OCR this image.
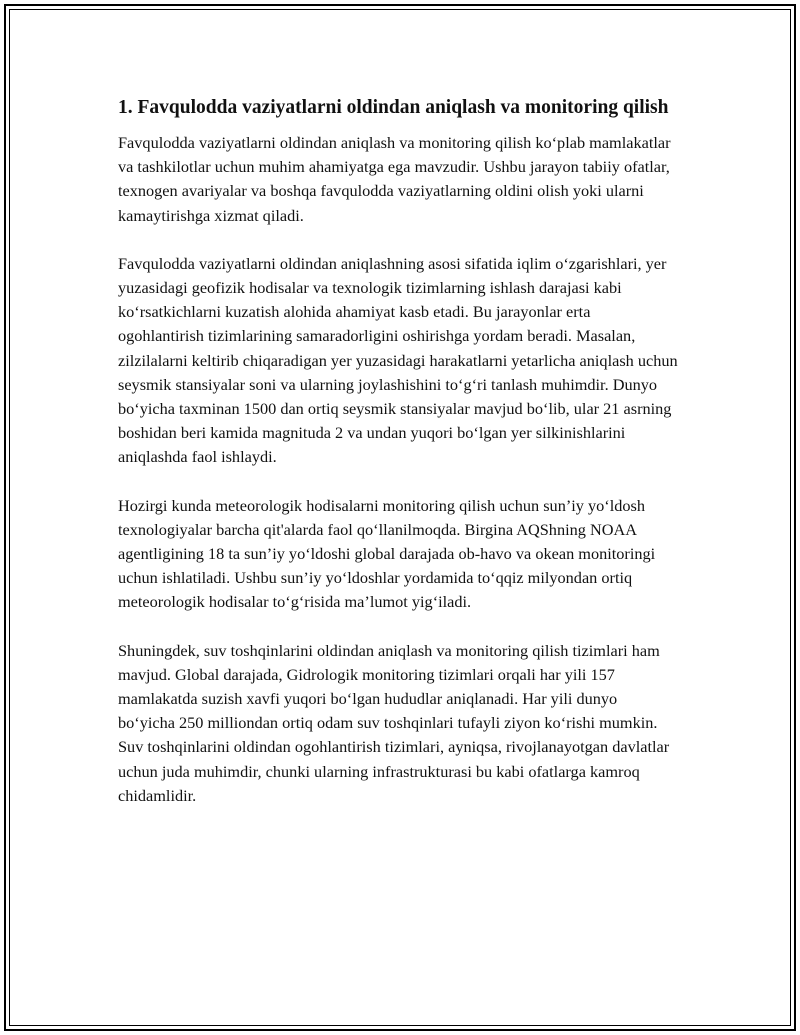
1. Favqulodda vaziyatlarni oldindan aniqlash va monitoring qilish

Favqulodda vaziyatlarni oldindan aniqlash va monitoring qilish ko‘plab mamlakatlar va tashkilotlar uchun muhim ahamiyatga ega mavzudir. Ushbu jarayon tabiiy ofatlar, texnogen avariyalar va boshqa favqulodda vaziyatlarning oldini olish yoki ularni kamaytirishga xizmat qiladi.

Favqulodda vaziyatlarni oldindan aniqlashning asosi sifatida iqlim o‘zgarishlari, yer yuzasidagi geofizik hodisalar va texnologik tizimlarning ishlash darajasi kabi ko‘rsatkichlarni kuzatish alohida ahamiyat kasb etadi. Bu jarayonlar erta ogohlantirish tizimlarining samaradorligini oshirishga yordam beradi. Masalan, zilzilalarni keltirib chiqaradigan yer yuzasidagi harakatlarni yetarlicha aniqlash uchun seysmik stansiyalar soni va ularning joylashishini to‘g‘ri tanlash muhimdir. Dunyo bo‘yicha taxminan 1500 dan ortiq seysmik stansiyalar mavjud bo‘lib, ular 21 asrning boshidan beri kamida magnituda 2 va undan yuqori bo‘lgan yer silkinishlarini aniqlashda faol ishlaydi.

Hozirgi kunda meteorologik hodisalarni monitoring qilish uchun sun’iy yo‘ldosh texnologiyalar barcha qit'alarda faol qo‘llanilmoqda. Birgina AQShning NOAA agentligining 18 ta sun’iy yo‘ldoshi global darajada ob-havo va okean monitoringi uchun ishlatiladi. Ushbu sun’iy yo‘ldoshlar yordamida to‘qqiz milyondan ortiq meteorologik hodisalar to‘g‘risida ma’lumot yig‘iladi.

Shuningdek, suv toshqinlarini oldindan aniqlash va monitoring qilish tizimlari ham mavjud. Global darajada, Gidrologik monitoring tizimlari orqali har yili 157 mamlakatda suzish xavfi yuqori bo‘lgan hududlar aniqlanadi. Har yili dunyo bo‘yicha 250 milliondan ortiq odam suv toshqinlari tufayli ziyon ko‘rishi mumkin. Suv toshqinlarini oldindan ogohlantirish tizimlari, ayniqsa, rivojlanayotgan davlatlar uchun juda muhimdir, chunki ularning infrastrukturasi bu kabi ofatlarga kamroq chidamlidir.
